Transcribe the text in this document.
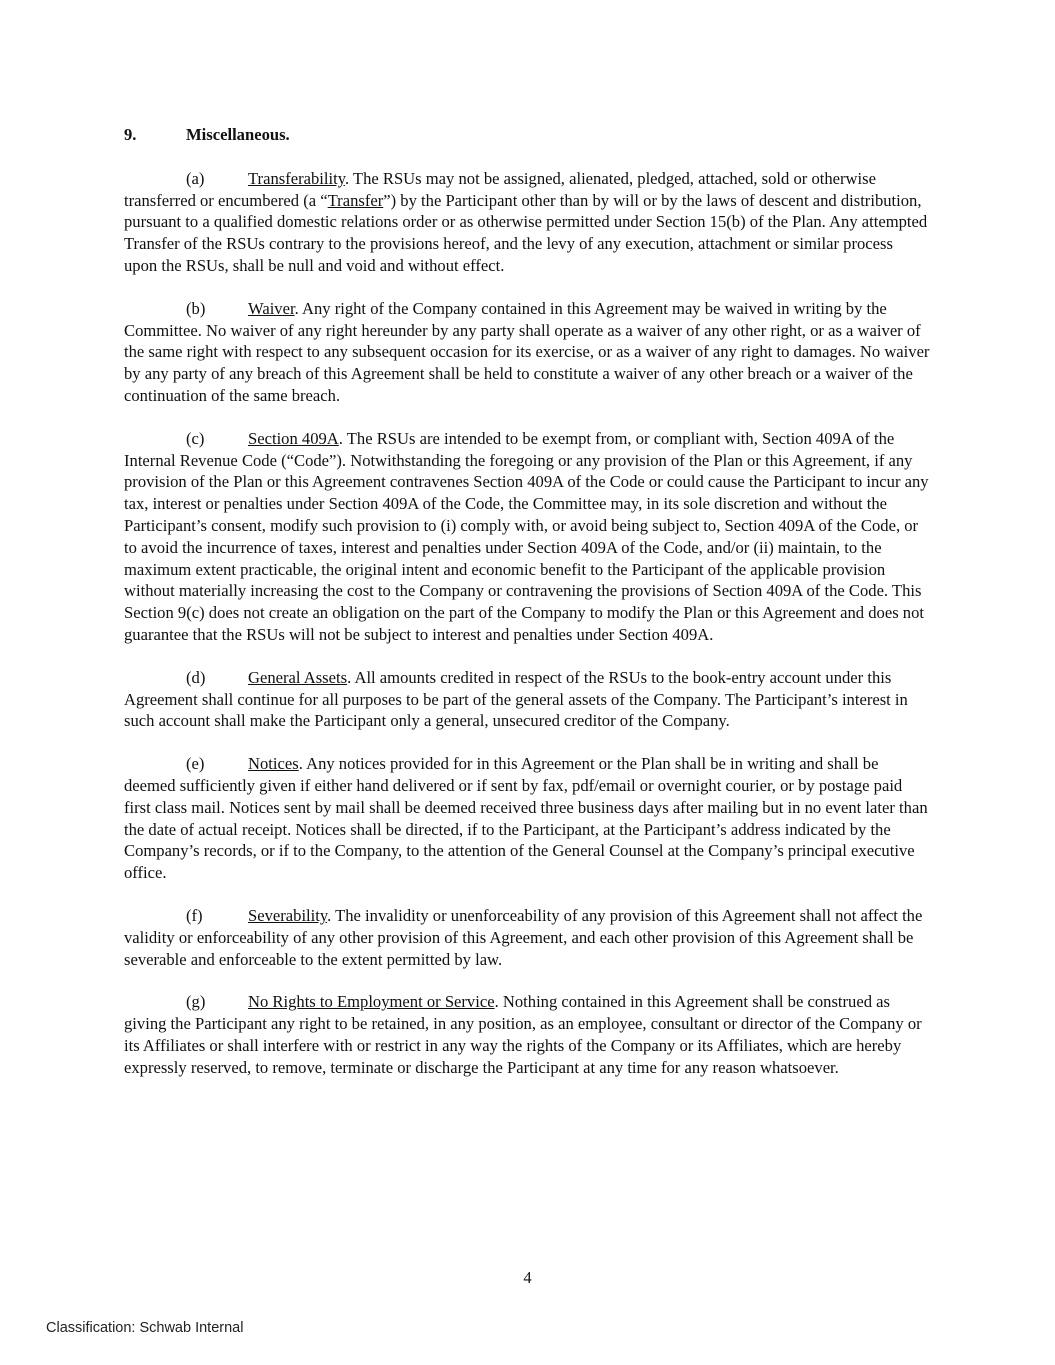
9.	Miscellaneous.

(a)	Transferability. The RSUs may not be assigned, alienated, pledged, attached, sold or otherwise transferred or encumbered (a “Transfer”) by the Participant other than by will or by the laws of descent and distribution, pursuant to a qualified domestic relations order or as otherwise permitted under Section 15(b) of the Plan. Any attempted Transfer of the RSUs contrary to the provisions hereof, and the levy of any execution, attachment or similar process upon the RSUs, shall be null and void and without effect.

(b)	Waiver. Any right of the Company contained in this Agreement may be waived in writing by the Committee. No waiver of any right hereunder by any party shall operate as a waiver of any other right, or as a waiver of the same right with respect to any subsequent occasion for its exercise, or as a waiver of any right to damages. No waiver by any party of any breach of this Agreement shall be held to constitute a waiver of any other breach or a waiver of the continuation of the same breach.

(c)	Section 409A. The RSUs are intended to be exempt from, or compliant with, Section 409A of the Internal Revenue Code (“Code”). Notwithstanding the foregoing or any provision of the Plan or this Agreement, if any provision of the Plan or this Agreement contravenes Section 409A of the Code or could cause the Participant to incur any tax, interest or penalties under Section 409A of the Code, the Committee may, in its sole discretion and without the Participant’s consent, modify such provision to (i) comply with, or avoid being subject to, Section 409A of the Code, or to avoid the incurrence of taxes, interest and penalties under Section 409A of the Code, and/or (ii) maintain, to the maximum extent practicable, the original intent and economic benefit to the Participant of the applicable provision without materially increasing the cost to the Company or contravening the provisions of Section 409A of the Code. This Section 9(c) does not create an obligation on the part of the Company to modify the Plan or this Agreement and does not guarantee that the RSUs will not be subject to interest and penalties under Section 409A.

(d)	General Assets. All amounts credited in respect of the RSUs to the book-entry account under this Agreement shall continue for all purposes to be part of the general assets of the Company. The Participant’s interest in such account shall make the Participant only a general, unsecured creditor of the Company.

(e)	Notices. Any notices provided for in this Agreement or the Plan shall be in writing and shall be deemed sufficiently given if either hand delivered or if sent by fax, pdf/email or overnight courier, or by postage paid first class mail. Notices sent by mail shall be deemed received three business days after mailing but in no event later than the date of actual receipt. Notices shall be directed, if to the Participant, at the Participant’s address indicated by the Company’s records, or if to the Company, to the attention of the General Counsel at the Company’s principal executive office.

(f)	Severability. The invalidity or unenforceability of any provision of this Agreement shall not affect the validity or enforceability of any other provision of this Agreement, and each other provision of this Agreement shall be severable and enforceable to the extent permitted by law.

(g)	No Rights to Employment or Service. Nothing contained in this Agreement shall be construed as giving the Participant any right to be retained, in any position, as an employee, consultant or director of the Company or its Affiliates or shall interfere with or restrict in any way the rights of the Company or its Affiliates, which are hereby expressly reserved, to remove, terminate or discharge the Participant at any time for any reason whatsoever.

4
Classification: Schwab Internal
